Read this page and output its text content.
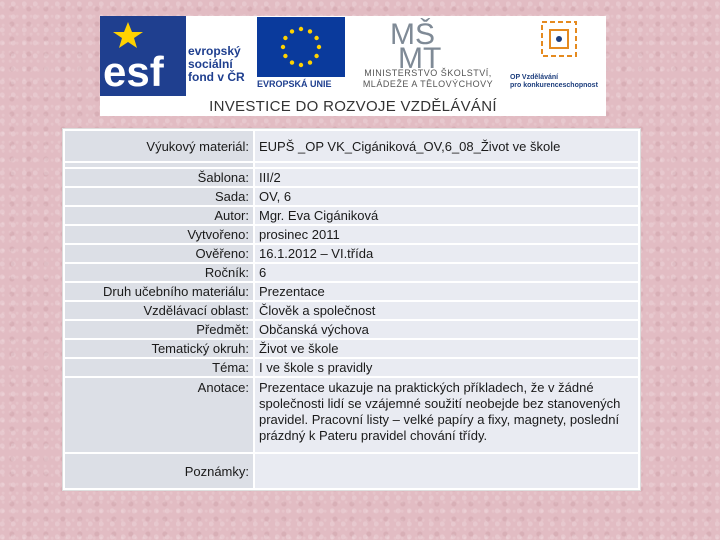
esf evropský
sociální
fond v ČR EVROPSKÁ UNIE
MŠ
MT
MINISTERSTVO ŠKOLSTVÍ,
MLÁDEŽE A TĚLOVÝCHOVY
OP Vzdělávání
pro konkurenceschopnost
INVESTICE DO ROZVOJE VZDĚLÁVÁNÍ
Výukový materiál:	EUPŠ _OP VK_Cigániková_OV,6_08_Život ve škole

Šablona:	III/2
Sada:	OV, 6
Autor:	Mgr. Eva Cigániková
Vytvořeno:	prosinec 2011
Ověřeno:	16.1.2012 – VI.třída
Ročník:	6
Druh učebního materiálu:	Prezentace
Vzdělávací oblast:	Člověk a společnost
Předmět:	Občanská výchova
Tematický okruh:	Život ve škole
Téma:	I ve škole s pravidly
Anotace:	Prezentace ukazuje na praktických příkladech, že v žádné společnosti lidí se vzájemné soužití neobejde bez stanovených pravidel. Pracovní listy – velké papíry a fixy, magnety, poslední prázdný k Pateru pravidel chování třídy.
Poznámky:	
